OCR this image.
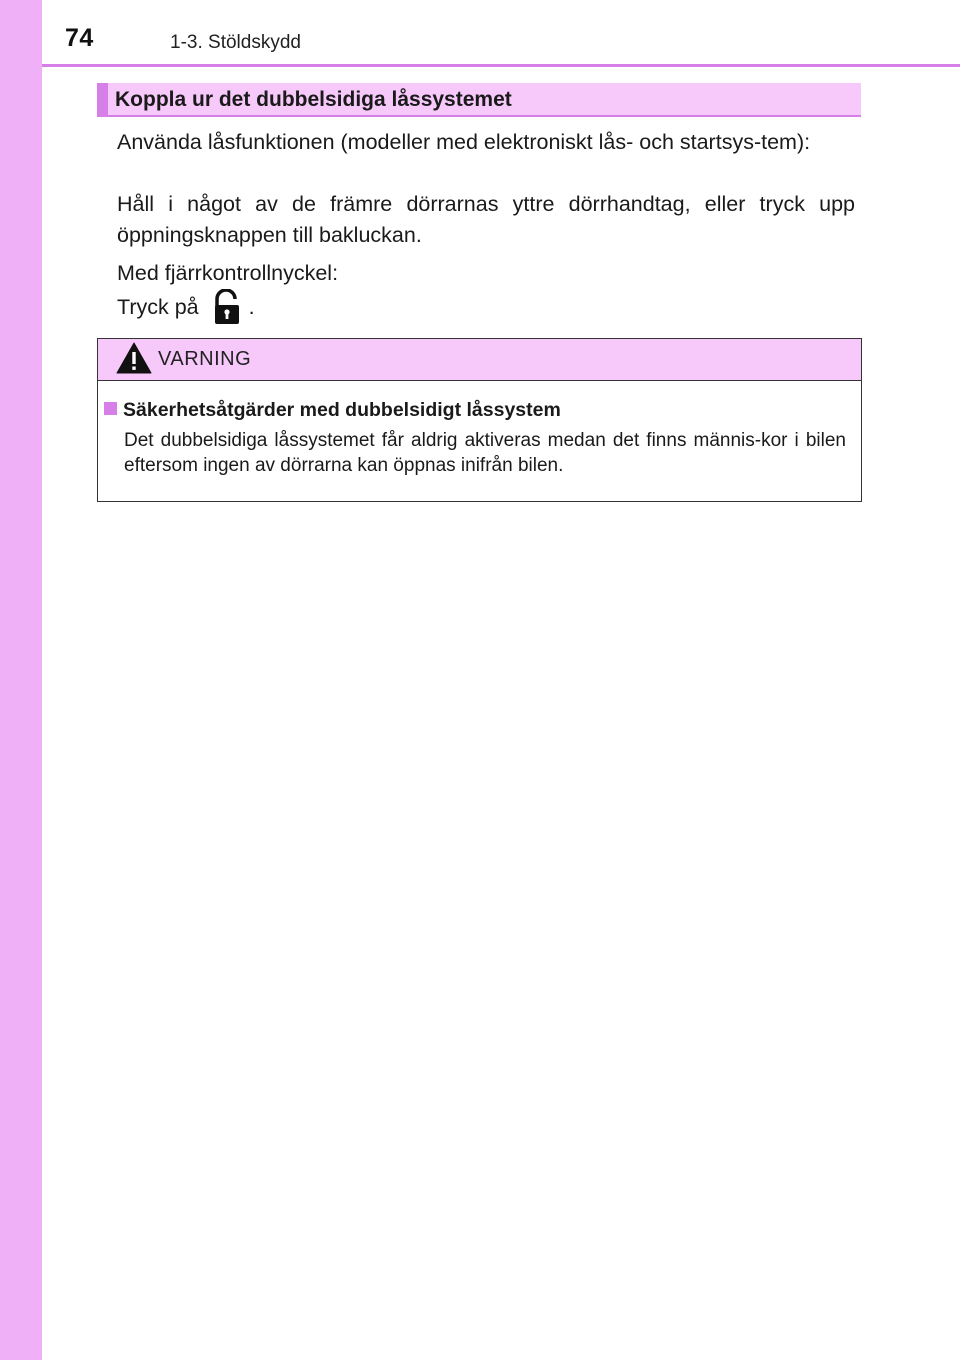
74	1-3. Stöldskydd
Koppla ur det dubbelsidiga låssystemet
Använda låsfunktionen (modeller med elektroniskt lås- och startsys-tem):
Håll i något av de främre dörrarnas yttre dörrhandtag, eller tryck upp öppningsknappen till bakluckan.
Med fjärrkontrollnyckel:
Tryck på .
VARNING
Säkerhetsåtgärder med dubbelsidigt låssystem
Det dubbelsidiga låssystemet får aldrig aktiveras medan det finns männis-kor i bilen eftersom ingen av dörrarna kan öppnas inifrån bilen.
